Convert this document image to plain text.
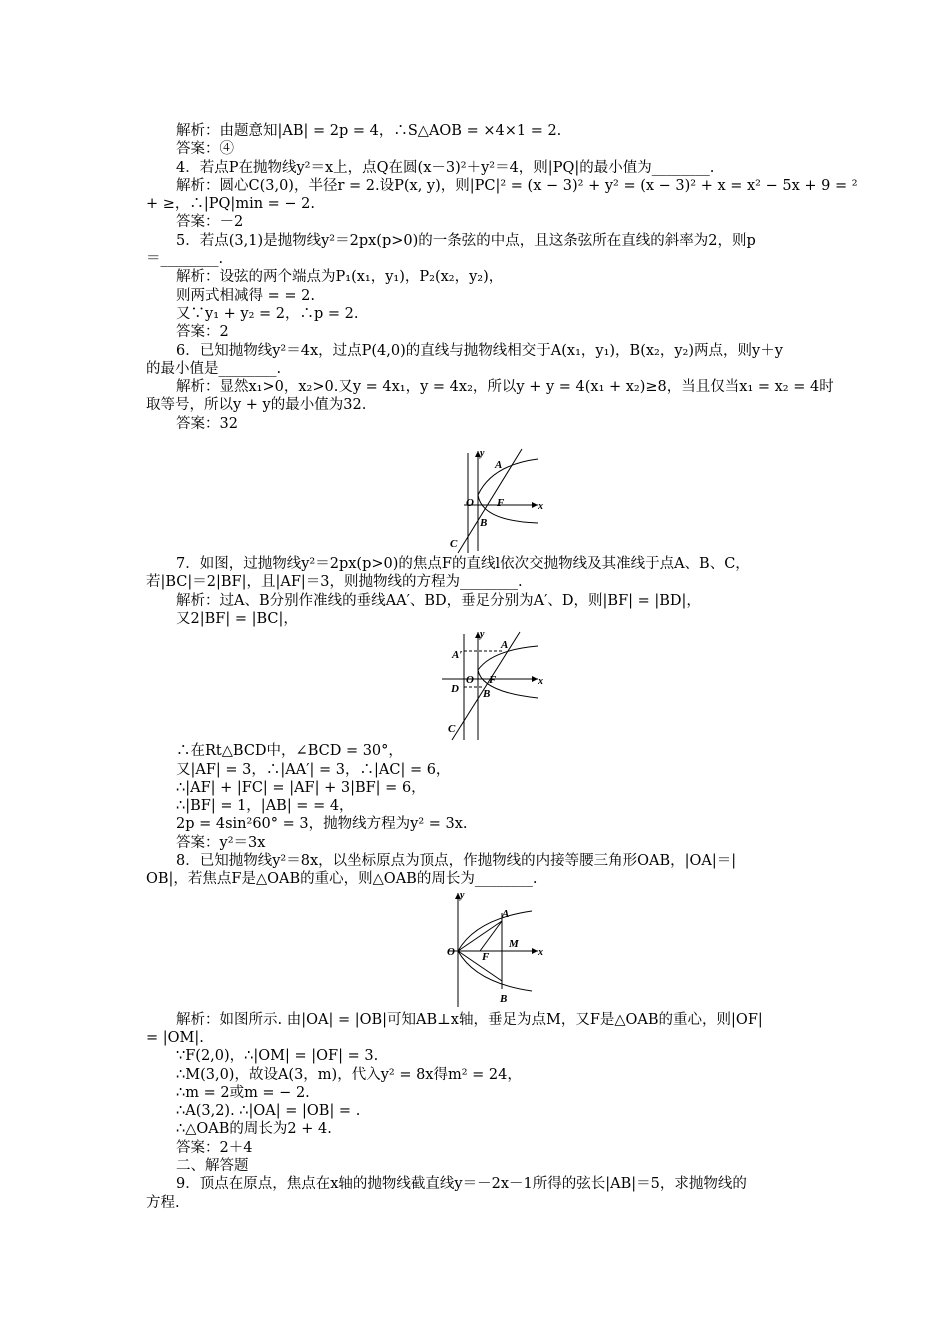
解析：由题意知|AB| = 2p = 4，∴S△AOB = ×4×1 = 2.

答案：④

4．若点P在抛物线y²＝x上，点Q在圆(x－3)²＋y²＝4，则|PQ|的最小值为________.

解析：圆心C(3,0)，半径r = 2.设P(x, y)，则|PC|² = (x − 3)² + y² = (x − 3)² + x = x² − 5x + 9 = ²

+ ≥，∴|PQ|min = − 2.

答案：－2

5．若点(3,1)是抛物线y²＝2px(p>0)的一条弦的中点，且这条弦所在直线的斜率为2，则p

＝________.

解析：设弦的两个端点为P₁(x₁，y₁)，P₂(x₂，y₂)，

则两式相减得 = = 2.

又∵y₁ + y₂ = 2，∴p = 2.

答案：2

6．已知抛物线y²＝4x，过点P(4,0)的直线与抛物线相交于A(x₁，y₁)，B(x₂，y₂)两点，则y＋y

的最小值是________.

解析：显然x₁>0，x₂>0.又y = 4x₁，y = 4x₂，所以y + y = 4(x₁ + x₂)≥8，当且仅当x₁ = x₂ = 4时

取等号，所以y + y的最小值为32.

答案：32

y
x
O
A
F
B
C

7．如图，过抛物线y²＝2px(p>0)的焦点F的直线l依次交抛物线及其准线于点A、B、C，

若|BC|＝2|BF|，且|AF|＝3，则抛物线的方程为________.

解析：过A、B分别作准线的垂线AA′、BD，垂足分别为A′、D，则|BF| = |BD|，

又2|BF| = |BC|，

y
x
O
A
A′
F
B
D
C

∴在Rt△BCD中，∠BCD = 30°，

又|AF| = 3，∴|AA′| = 3，∴|AC| = 6，

∴|AF| + |FC| = |AF| + 3|BF| = 6，

∴|BF| = 1，|AB| = = 4，

2p = 4sin²60° = 3，抛物线方程为y² = 3x.

答案：y²＝3x

8．已知抛物线y²＝8x，以坐标原点为顶点，作抛物线的内接等腰三角形OAB，|OA|＝|

OB|，若焦点F是△OAB的重心，则△OAB的周长为________.

y
x
O
A
M
F
B

解析：如图所示. 由|OA| = |OB|可知AB⊥x轴，垂足为点M，又F是△OAB的重心，则|OF|

= |OM|.

∵F(2,0)，∴|OM| = |OF| = 3.

∴M(3,0)，故设A(3，m)，代入y² = 8x得m² = 24，

∴m = 2或m = − 2.

∴A(3,2). ∴|OA| = |OB| = .

∴△OAB的周长为2 + 4.

答案：2＋4

二、解答题

9．顶点在原点，焦点在x轴的抛物线截直线y＝－2x－1所得的弦长|AB|＝5，求抛物线的

方程.
